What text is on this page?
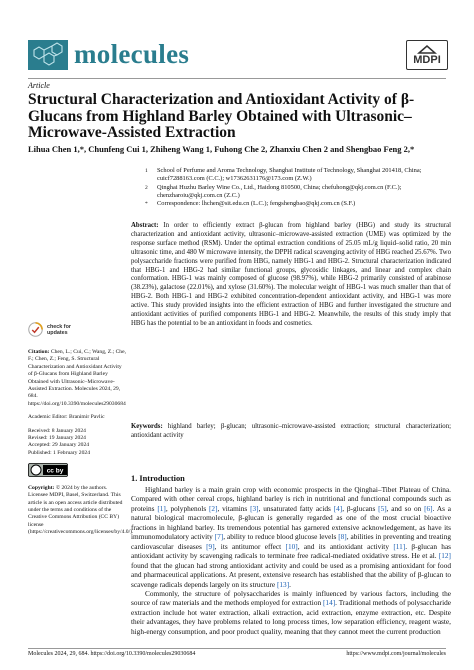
molecules	MDPI
Article
Structural Characterization and Antioxidant Activity of β-Glucans from Highland Barley Obtained with Ultrasonic–Microwave-Assisted Extraction
Lihua Chen 1,*, Chunfeng Cui 1, Zhiheng Wang 1, Fuhong Che 2, Zhanxiu Chen 2 and Shengbao Feng 2,*
1	School of Perfume and Aroma Technology, Shanghai Institute of Technology, Shanghai 201418, China; cuicf7288163.com (C.C.); w17362631176@173.com (Z.W.)
2	Qinghai Huzhu Barley Wine Co., Ltd., Haidong 810500, China; chefuhong@qkj.com.cn (F.C.); chenzharoiu@qkj.com.cn (Z.C.)
*	Correspondence: lhchen@sit.edu.cn (L.C.); fengshengbao@qkj.com.cn (S.F.)
Abstract: In order to efficiently extract β-glucan from highland barley (HBG) and study its structural characterization and antioxidant activity, ultrasonic–microwave-assisted extraction (UME) was optimized by the response surface method (RSM). Under the optimal extraction conditions of 25.05 mL/g liquid–solid ratio, 20 min ultrasonic time, and 480 W microwave intensity, the DPPH radical scavenging activity of HBG reached 25.67%. Two polysaccharide fractions were purified from HBG, namely HBG-1 and HBG-2. Structural characterization indicated that HBG-1 and HBG-2 had similar functional groups, glycosidic linkages, and linear and complex chain conformation. HBG-1 was mainly composed of glucose (98.97%), while HBG-2 primarily consisted of arabinose (38.23%), galactose (22.01%), and xylose (31.60%). The molecular weight of HBG-1 was much smaller than that of HBG-2. Both HBG-1 and HBG-2 exhibited concentration-dependent antioxidant activity, and HBG-1 was more active. This study provided insights into the efficient extraction of HBG and further investigated the structure and antioxidant activities of purified components HBG-1 and HBG-2. Meanwhile, the results of this study imply that HBG has the potential to be an antioxidant in foods and cosmetics.
Keywords: highland barley; β-glucan; ultrasonic–microwave-assisted extraction; structural characterization; antioxidant activity
check for
updates

Citation: Chen, L.; Cui, C.; Wang, Z.; Che, F.; Chen, Z.; Feng, S. Structural Characterization and Antioxidant Activity of β-Glucans from Highland Barley Obtained with Ultrasonic–Microwave-Assisted Extraction. Molecules 2024, 29, 684. https://doi.org/10.3390/molecules29030684

Academic Editor: Branimir Pavlic

Received: 8 January 2024
Revised: 19 January 2024
Accepted: 29 January 2024

Published: 1 February 2024

cc by

Copyright: © 2024 by the authors. Licensee MDPI, Basel, Switzerland. This article is an open access article distributed under the terms and conditions of the Creative Commons Attribution (CC BY) license (https://creativecommons.org/licenses/by/4.0/).

1. Introduction

Highland barley is a main grain crop with economic prospects in the Qinghai–Tibet Plateau of China. Compared with other cereal crops, highland barley is rich in nutritional and functional compounds such as proteins [1], polyphenols [2], vitamins [3], unsaturated fatty acids [4], β-glucans [5], and so on [6]. As a natural biological macromolecule, β-glucan is generally regarded as one of the most crucial bioactive fractions in highland barley. Its tremendous potential has garnered extensive acknowledgement, as have its immunomodulatory activity [7], ability to reduce blood glucose levels [8], abilities in preventing and treating cardiovascular diseases [9], its antitumor effect [10], and its antioxidant activity [11]. β-glucan has antioxidant activity by scavenging radicals to terminate free radical-mediated oxidative stress. He et al. [12] found that the glucan had strong antioxidant activity and could be used as a promising antioxidant for food and pharmaceutical applications. At present, extensive research has established that the ability of β-glucan to scavenge radicals depends largely on its structure [13].

Commonly, the structure of polysaccharides is mainly influenced by various factors, including the source of raw materials and the methods employed for extraction [14]. Traditional methods of polysaccharide extraction include hot water extraction, alkali extraction, acid extraction, enzyme extraction, etc. Despite their advantages, they have problems related to long process times, low separation efficiency, reagent waste, high-energy consumption, and poor product quality, meaning that they cannot meet the current production

Molecules 2024, 29, 684. https://doi.org/10.3390/molecules29030684	https://www.mdpi.com/journal/molecules
